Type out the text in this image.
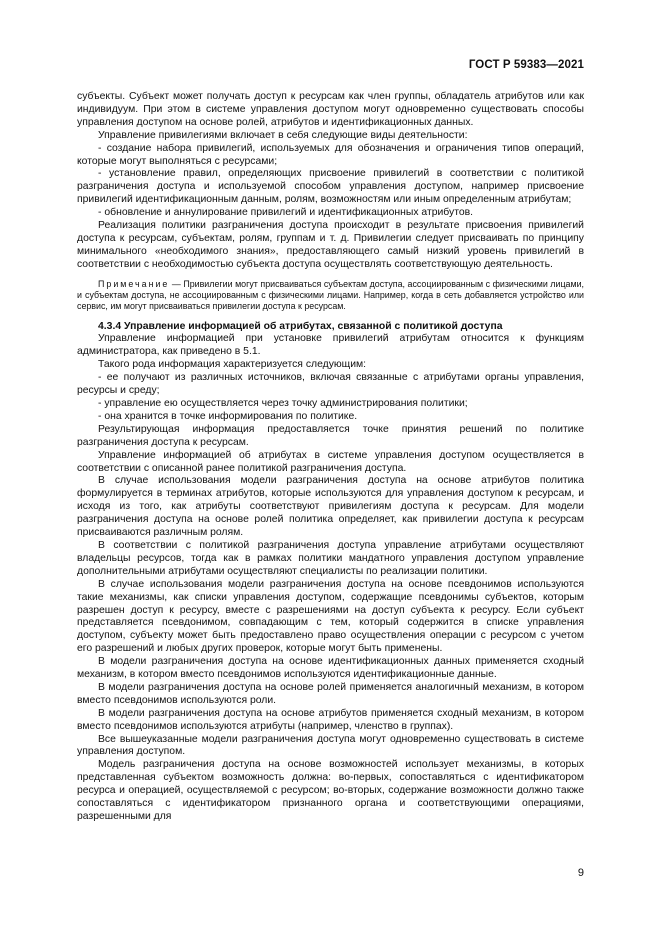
ГОСТ Р 59383—2021

субъекты. Субъект может получать доступ к ресурсам как член группы, обладатель атрибутов или как индивидуум. При этом в системе управления доступом могут одновременно существовать способы управления доступом на основе ролей, атрибутов и идентификационных данных.

Управление привилегиями включает в себя следующие виды деятельности:

- создание набора привилегий, используемых для обозначения и ограничения типов операций, которые могут выполняться с ресурсами;

- установление правил, определяющих присвоение привилегий в соответствии с политикой разграничения доступа и используемой способом управления доступом, например присвоение привилегий идентификационным данным, ролям, возможностям или иным определенным атрибутам;

- обновление и аннулирование привилегий и идентификационных атрибутов.

Реализация политики разграничения доступа происходит в результате присвоения привилегий доступа к ресурсам, субъектам, ролям, группам и т. д. Привилегии следует присваивать по принципу минимального «необходимого знания», предоставляющего самый низкий уровень привилегий в соответствии с необходимостью субъекта доступа осуществлять соответствующую деятельность.

Примечание — Привилегии могут присваиваться субъектам доступа, ассоциированным с физическими лицами, и субъектам доступа, не ассоциированным с физическими лицами. Например, когда в сеть добавляется устройство или сервис, им могут присваиваться привилегии доступа к ресурсам.

4.3.4 Управление информацией об атрибутах, связанной с политикой доступа

Управление информацией при установке привилегий атрибутам относится к функциям администратора, как приведено в 5.1.

Такого рода информация характеризуется следующим:

- ее получают из различных источников, включая связанные с атрибутами органы управления, ресурсы и среду;

- управление ею осуществляется через точку администрирования политики;

- она хранится в точке информирования по политике.

Результирующая информация предоставляется точке принятия решений по политике разграничения доступа к ресурсам.

Управление информацией об атрибутах в системе управления доступом осуществляется в соответствии с описанной ранее политикой разграничения доступа.

В случае использования модели разграничения доступа на основе атрибутов политика формулируется в терминах атрибутов, которые используются для управления доступом к ресурсам, и исходя из того, как атрибуты соответствуют привилегиям доступа к ресурсам. Для модели разграничения доступа на основе ролей политика определяет, как привилегии доступа к ресурсам присваиваются различным ролям.

В соответствии с политикой разграничения доступа управление атрибутами осуществляют владельцы ресурсов, тогда как в рамках политики мандатного управления доступом управление дополнительными атрибутами осуществляют специалисты по реализации политики.

В случае использования модели разграничения доступа на основе псевдонимов используются такие механизмы, как списки управления доступом, содержащие псевдонимы субъектов, которым разрешен доступ к ресурсу, вместе с разрешениями на доступ субъекта к ресурсу. Если субъект представляется псевдонимом, совпадающим с тем, который содержится в списке управления доступом, субъекту может быть предоставлено право осуществления операции с ресурсом с учетом его разрешений и любых других проверок, которые могут быть применены.

В модели разграничения доступа на основе идентификационных данных применяется сходный механизм, в котором вместо псевдонимов используются идентификационные данные.

В модели разграничения доступа на основе ролей применяется аналогичный механизм, в котором вместо псевдонимов используются роли.

В модели разграничения доступа на основе атрибутов применяется сходный механизм, в котором вместо псевдонимов используются атрибуты (например, членство в группах).

Все вышеуказанные модели разграничения доступа могут одновременно существовать в системе управления доступом.

Модель разграничения доступа на основе возможностей использует механизмы, в которых представленная субъектом возможность должна: во-первых, сопоставляться с идентификатором ресурса и операцией, осуществляемой с ресурсом; во-вторых, содержание возможности должно также сопоставляться с идентификатором признанного органа и соответствующими операциями, разрешенными для

9
